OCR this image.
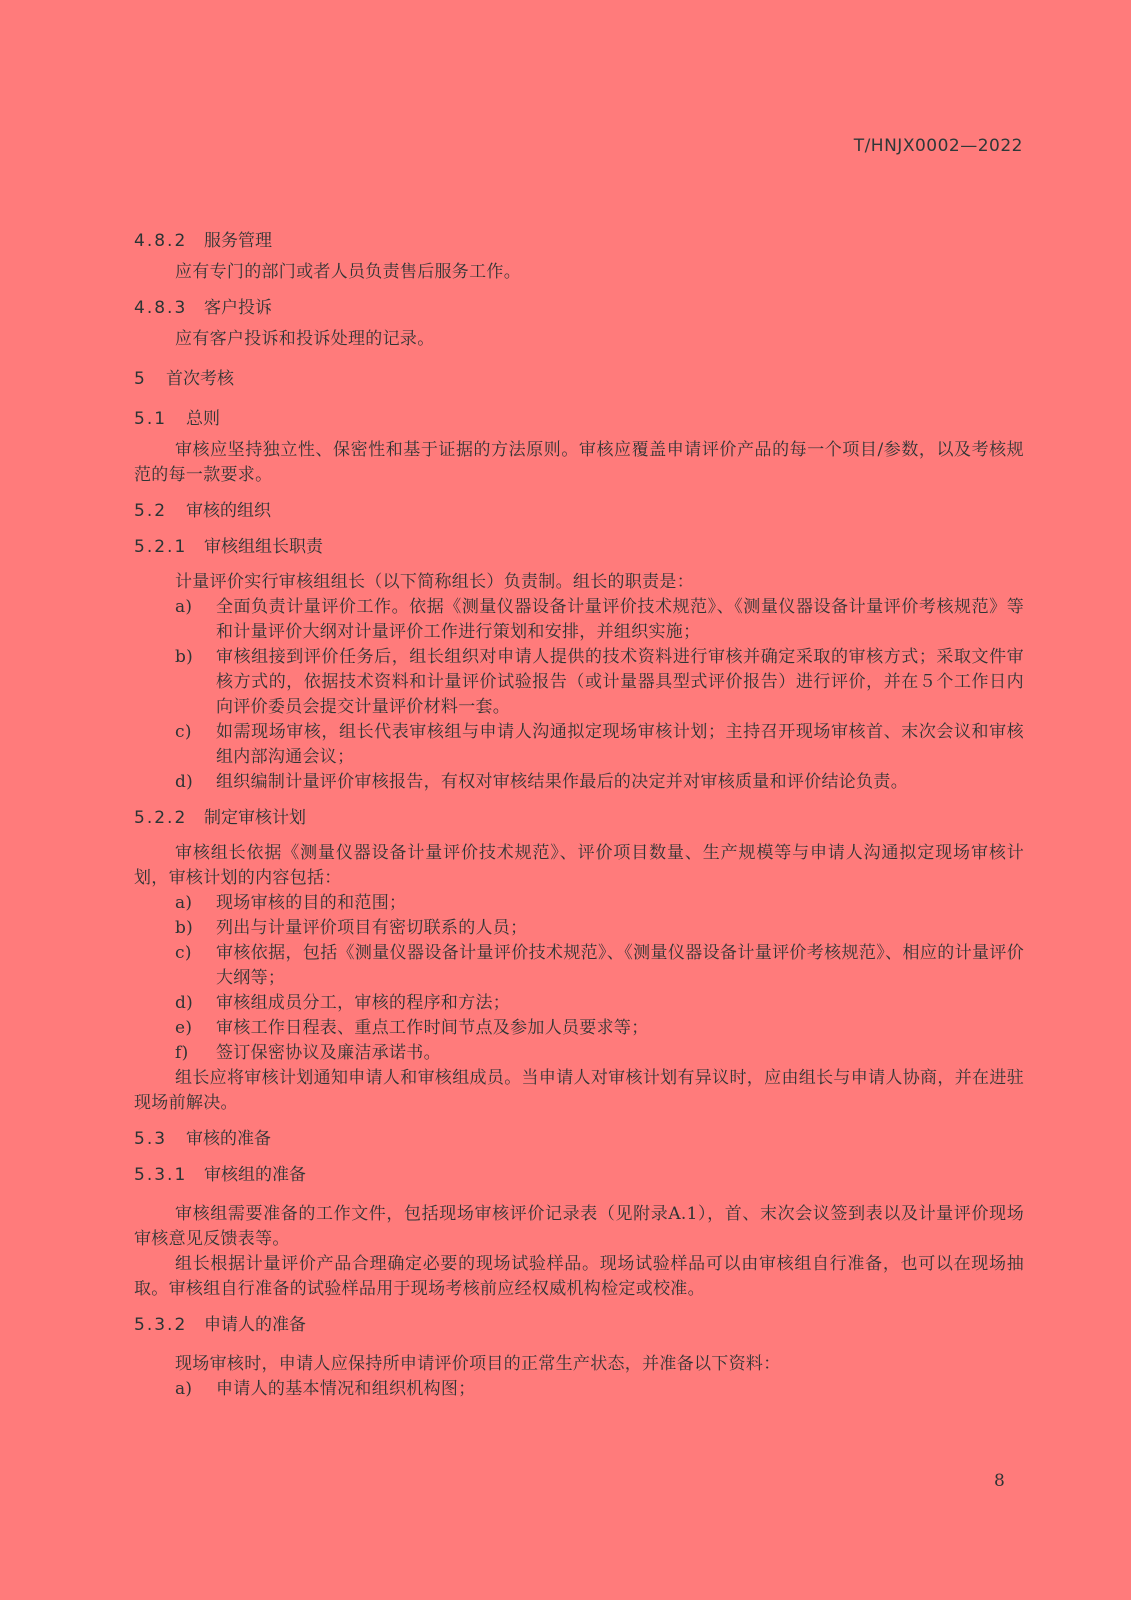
T/HNJX0002—2022
4.8.2 服务管理

应有专门的部门或者人员负责售后服务工作。

4.8.3 客户投诉

应有客户投诉和投诉处理的记录。

5 首次考核
5.1 总则

审核应坚持独立性、保密性和基于证据的方法原则。审核应覆盖申请评价产品的每一个项目/参数，以及考核规范的每一款要求。

5.2 审核的组织
5.2.1 审核组组长职责

计量评价实行审核组组长（以下简称组长）负责制。组长的职责是：

a) 全面负责计量评价工作。依据《测量仪器设备计量评价技术规范》、《测量仪器设备计量评价考核规范》等和计量评价大纲对计量评价工作进行策划和安排，并组织实施；
b) 审核组接到评价任务后，组长组织对申请人提供的技术资料进行审核并确定采取的审核方式；采取文件审核方式的，依据技术资料和计量评价试验报告（或计量器具型式评价报告）进行评价，并在５个工作日内向评价委员会提交计量评价材料一套。
c) 如需现场审核，组长代表审核组与申请人沟通拟定现场审核计划；主持召开现场审核首、末次会议和审核组内部沟通会议；
d) 组织编制计量评价审核报告，有权对审核结果作最后的决定并对审核质量和评价结论负责。
5.2.2 制定审核计划

审核组长依据《测量仪器设备计量评价技术规范》、评价项目数量、生产规模等与申请人沟通拟定现场审核计划，审核计划的内容包括：

a) 现场审核的目的和范围；
b) 列出与计量评价项目有密切联系的人员；
c) 审核依据，包括《测量仪器设备计量评价技术规范》、《测量仪器设备计量评价考核规范》、相应的计量评价大纲等；
d) 审核组成员分工，审核的程序和方法；
e) 审核工作日程表、重点工作时间节点及参加人员要求等；
f) 签订保密协议及廉洁承诺书。

组长应将审核计划通知申请人和审核组成员。当申请人对审核计划有异议时，应由组长与申请人协商，并在进驻现场前解决。

5.3 审核的准备
5.3.1 审核组的准备

审核组需要准备的工作文件，包括现场审核评价记录表（见附录A.1），首、末次会议签到表以及计量评价现场审核意见反馈表等。

组长根据计量评价产品合理确定必要的现场试验样品。现场试验样品可以由审核组自行准备，也可以在现场抽取。审核组自行准备的试验样品用于现场考核前应经权威机构检定或校准。

5.3.2 申请人的准备

现场审核时，申请人应保持所申请评价项目的正常生产状态，并准备以下资料：

a) 申请人的基本情况和组织机构图；
8
